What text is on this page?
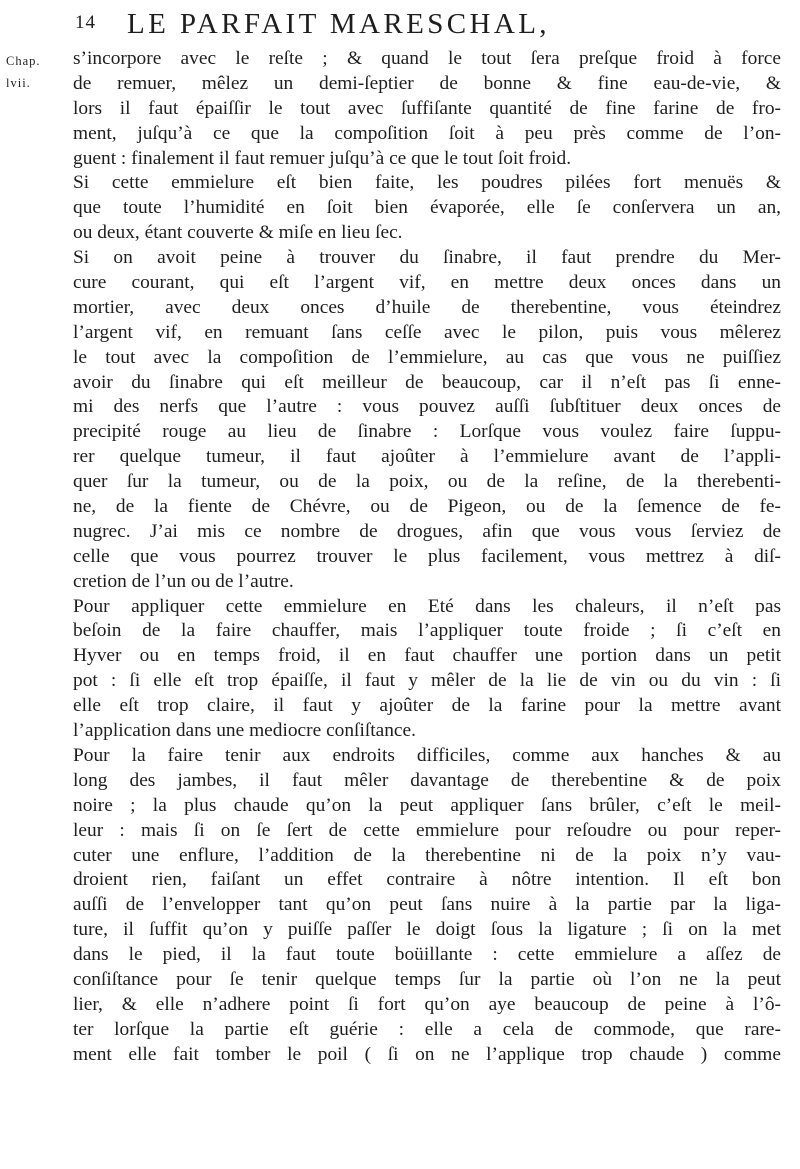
14 LE PARFAIT MARESCHAL,
Chap.
lvii.
s’incorpore avec le reſte ; & quand le tout ſera preſque froid à force
de remuer, mêlez un demi-ſeptier de bonne & fine eau-de-vie, &
lors il faut épaiſſir le tout avec ſuffiſante quantité de fine farine de fro-
ment, juſqu’à ce que la compoſition ſoit à peu près comme de l’on-
guent : finalement il faut remuer juſqu’à ce que le tout ſoit froid.
Si cette emmielure eſt bien faite, les poudres pilées fort menuës &
que toute l’humidité en ſoit bien évaporée, elle ſe conſervera un an,
ou deux, étant couverte & miſe en lieu ſec.
Si on avoit peine à trouver du ſinabre, il faut prendre du Mer-
cure courant, qui eſt l’argent vif, en mettre deux onces dans un
mortier, avec deux onces d’huile de therebentine, vous éteindrez
l’argent vif, en remuant ſans ceſſe avec le pilon, puis vous mêlerez
le tout avec la compoſition de l’emmielure, au cas que vous ne puiſſiez
avoir du ſinabre qui eſt meilleur de beaucoup, car il n’eſt pas ſi enne-
mi des nerfs que l’autre : vous pouvez auſſi ſubſtituer deux onces de
precipité rouge au lieu de ſinabre : Lorſque vous voulez faire ſuppu-
rer quelque tumeur, il faut ajoûter à l’emmielure avant de l’appli-
quer ſur la tumeur, ou de la poix, ou de la reſine, de la therebenti-
ne, de la fiente de Chévre, ou de Pigeon, ou de la ſemence de fe-
nugrec. J’ai mis ce nombre de drogues, afin que vous vous ſerviez de
celle que vous pourrez trouver le plus facilement, vous mettrez à diſ-
cretion de l’un ou de l’autre.
Pour appliquer cette emmielure en Eté dans les chaleurs, il n’eſt pas
beſoin de la faire chauffer, mais l’appliquer toute froide ; ſi c’eſt en
Hyver ou en temps froid, il en faut chauffer une portion dans un petit
pot : ſi elle eſt trop épaiſſe, il faut y mêler de la lie de vin ou du vin : ſi
elle eſt trop claire, il faut y ajoûter de la farine pour la mettre avant
l’application dans une mediocre conſiſtance.
Pour la faire tenir aux endroits difficiles, comme aux hanches & au
long des jambes, il faut mêler davantage de therebentine & de poix
noire ; la plus chaude qu’on la peut appliquer ſans brûler, c’eſt le meil-
leur : mais ſi on ſe ſert de cette emmielure pour reſoudre ou pour reper-
cuter une enflure, l’addition de la therebentine ni de la poix n’y vau-
droient rien, faiſant un effet contraire à nôtre intention. Il eſt bon
auſſi de l’envelopper tant qu’on peut ſans nuire à la partie par la liga-
ture, il ſuffit qu’on y puiſſe paſſer le doigt ſous la ligature ; ſi on la met
dans le pied, il la faut toute boüillante : cette emmielure a aſſez de
conſiſtance pour ſe tenir quelque temps ſur la partie où l’on ne la peut
lier, & elle n’adhere point ſi fort qu’on aye beaucoup de peine à l’ô-
ter lorſque la partie eſt guérie : elle a cela de commode, que rare-
ment elle fait tomber le poil ( ſi on ne l’applique trop chaude ) comme
